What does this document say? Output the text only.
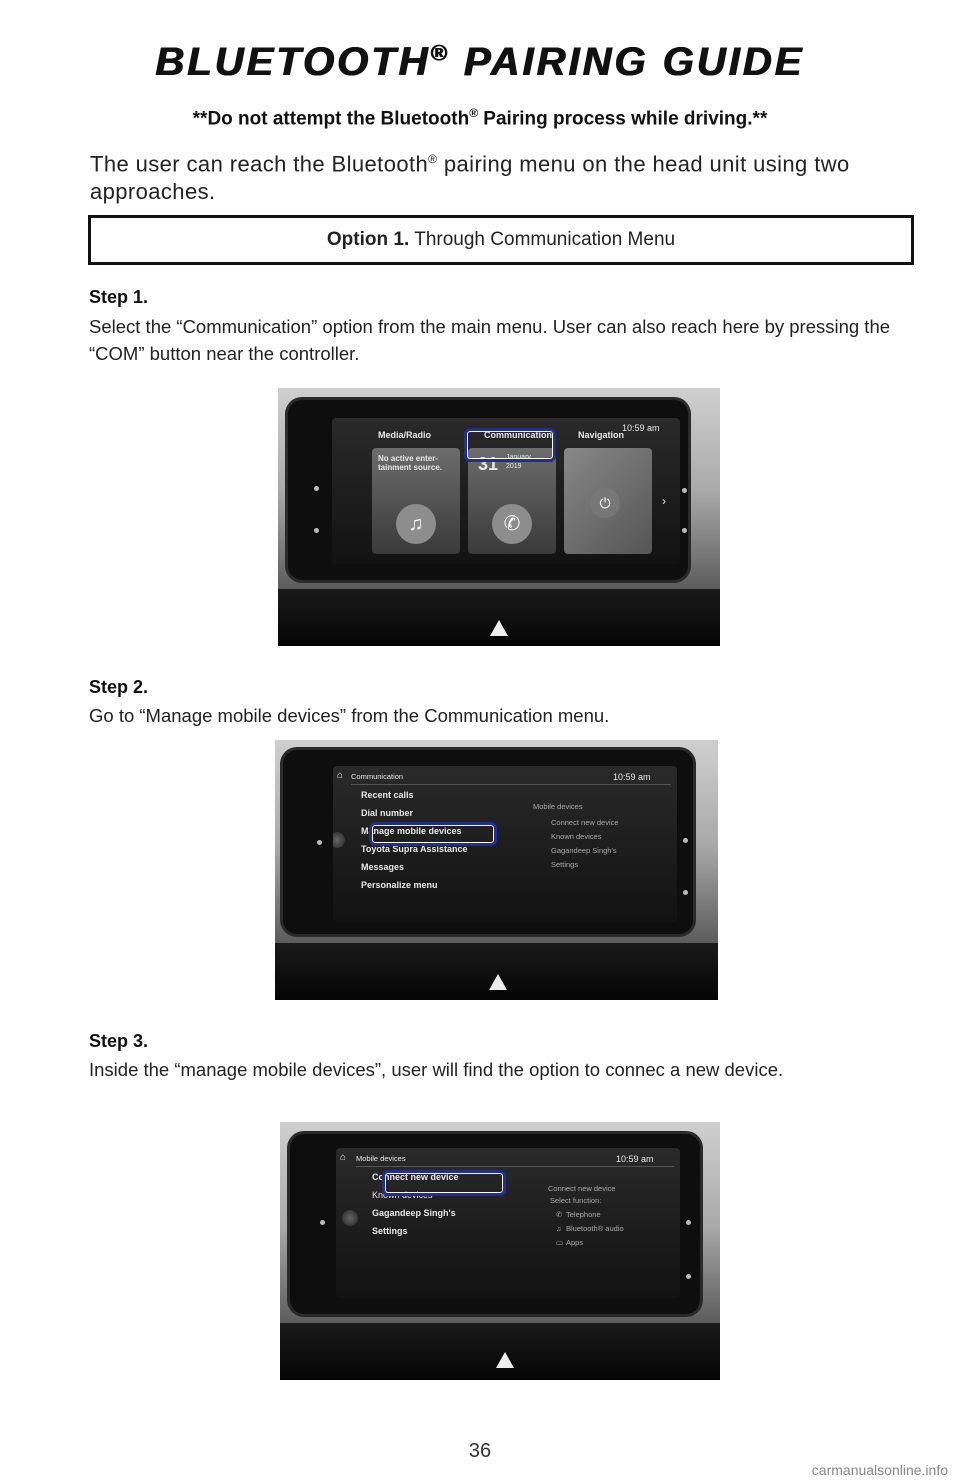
BLUETOOTH® PAIRING GUIDE
**Do not attempt the Bluetooth® Pairing process while driving.**
The user can reach the Bluetooth® pairing menu on the head unit using two approaches.
Option 1. Through Communication Menu
Step 1.
Select the “Communication” option from the main menu. User can also reach here by pressing the “COM” button near the controller.
10:59 am
Media/Radio
No active enter-tainment source.
♫
Communication
31 January
2019
✆
Navigation
⏻	›
Step 2.
Go to “Manage mobile devices” from the Communication menu.
⌂ Communication	10:59 am
Recent calls
Dial number
Manage mobile devices
Toyota Supra Assistance
Messages
Personalize menu
Mobile devices
Connect new device
Known devices
Gagandeep Singh's
Settings
Step 3.
Inside the “manage mobile devices”, user will find the option to connec a new device.
⌂ Mobile devices	10:59 am
Connect new device
Known devices
Gagandeep Singh's
Settings
Connect new device
Select function:
✆ Telephone
♫ Bluetooth® audio
▭ Apps
36
carmanualsonline.info
